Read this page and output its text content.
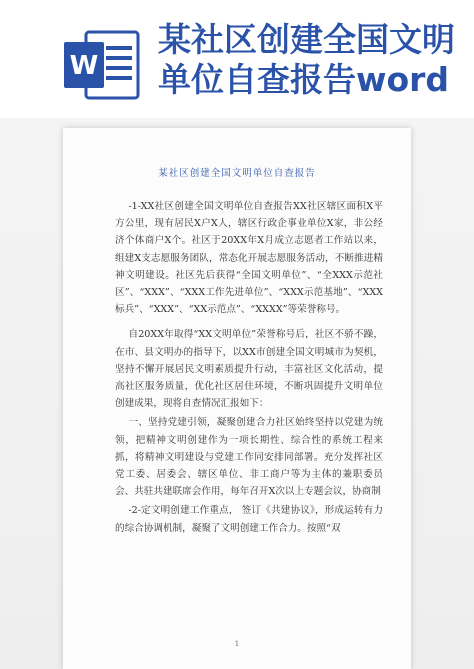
W
某社区创建全国文明单位自查报告word
某社区创建全国文明单位自查报告

-1-XX社区创建全国文明单位自查报告XX社区辖区面积X平方公里，现有居民X户X人，辖区行政企事业单位X家，非公经济个体商户X个。社区于20XX年X月成立志愿者工作站以来，组建X支志愿服务团队，常态化开展志愿服务活动，不断推进精神文明建设。社区先后获得“全国文明单位”、“全XXX示范社区”、“XXX”、“XXX工作先进单位”、“XXX示范基地”、“XXX标兵”、“XXX”、“XX示范点”、“XXXX”等荣誉称号。

自20XX年取得“XX文明单位”荣誉称号后，社区不骄不躁，在市、县文明办的指导下，以XX市创建全国文明城市为契机，坚持不懈开展居民文明素质提升行动，丰富社区文化活动，提高社区服务质量，优化社区居住环境，不断巩固提升文明单位创建成果，现将自查情况汇报如下：

一、坚持党建引领，凝聚创建合力社区始终坚持以党建为统领，把精神文明创建作为一项长期性、综合性的系统工程来抓，将精神文明建设与党建工作同安排同部署。充分发挥社区党工委、居委会、辖区单位、非工商户等为主体的兼职委员会、共驻共建联席会作用，每年召开X次以上专题会议，协商制

-2-定文明创建工作重点， 签订《共建协议》，形成运转有力的综合协调机制，凝聚了文明创建工作合力。按照“双

1
